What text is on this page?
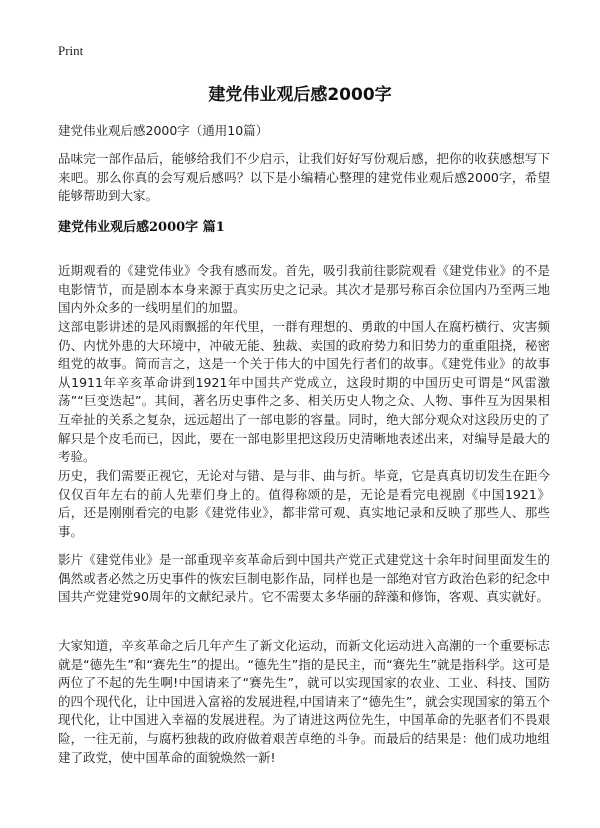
Print
建党伟业观后感2000字
建党伟业观后感2000字（通用10篇）
品味完一部作品后，能够给我们不少启示，让我们好好写份观后感，把你的收获感想写下来吧。那么你真的会写观后感吗？以下是小编精心整理的建党伟业观后感2000字，希望能够帮助到大家。
建党伟业观后感2000字 篇1
近期观看的《建党伟业》令我有感而发。首先，吸引我前往影院观看《建党伟业》的不是电影情节，而是剧本本身来源于真实历史之记录。其次才是那号称百余位国内乃至两三地国内外众多的一线明星们的加盟。
这部电影讲述的是风雨飘摇的年代里，一群有理想的、勇敢的中国人在腐朽横行、灾害频仍、内忧外患的大环境中，冲破无能、独裁、卖国的政府势力和旧势力的重重阻挠，秘密组党的故事。简而言之，这是一个关于伟大的中国先行者们的故事。《建党伟业》的故事从1911年辛亥革命讲到1921年中国共产党成立，这段时期的中国历史可谓是“风雷激荡”“巨变迭起”。其间，著名历史事件之多、相关历史人物之众、人物、事件互为因果相互牵扯的关系之复杂，远远超出了一部电影的容量。同时，绝大部分观众对这段历史的了解只是个皮毛而已，因此，要在一部电影里把这段历史清晰地表述出来，对编导是最大的考验。
历史，我们需要正视它，无论对与错、是与非、曲与折。毕竟，它是真真切切发生在距今仅仅百年左右的前人先辈们身上的。值得称颂的是，无论是看完电视剧《中国1921》后，还是刚刚看完的电影《建党伟业》，都非常可观、真实地记录和反映了那些人、那些事。
影片《建党伟业》是一部重现辛亥革命后到中国共产党正式建党这十余年时间里面发生的偶然或者必然之历史事件的恢宏巨制电影作品，同样也是一部绝对官方政治色彩的纪念中国共产党建党90周年的文献纪录片。它不需要太多华丽的辞藻和修饰，客观、真实就好。
大家知道，辛亥革命之后几年产生了新文化运动，而新文化运动进入高潮的一个重要标志就是“德先生”和“赛先生”的提出。“德先生”指的是民主，而“赛先生”就是指科学。这可是两位了不起的先生啊!中国请来了“赛先生”，就可以实现国家的农业、工业、科技、国防的四个现代化，让中国进入富裕的发展进程,中国请来了“德先生”，就会实现国家的第五个现代化，让中国进入幸福的发展进程。为了请进这两位先生，中国革命的先驱者们不畏艰险，一往无前，与腐朽独裁的政府做着艰苦卓绝的斗争。而最后的结果是：他们成功地组建了政党，使中国革命的面貌焕然一新!
